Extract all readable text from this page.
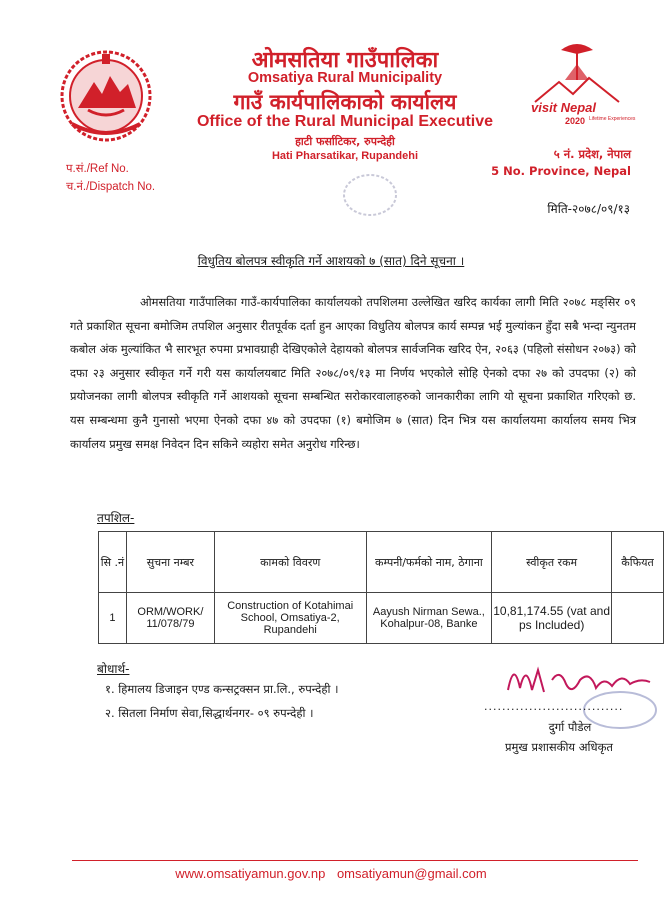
ओमसतिया गाउँपालिका
Omsatiya Rural Municipality
गाउँ कार्यपालिकाको कार्यालय
Office of the Rural Municipal Executive
हाटी फर्साटिकर, रुपन्देही
Hati Pharsatikar, Rupandehi
visit Nepal
2020 Lifetime Experiences
प.सं./Ref No.
च.नं./Dispatch No.
५ नं. प्रदेश, नेपाल
5 No. Province, Nepal
मिति-२०७८/०९/१३
विधुतिय बोलपत्र स्वीकृति गर्ने आशयको ७ (सात) दिने सूचना ।
ओमसतिया गाउँपालिका गाउँ-कार्यपालिका कार्यालयको तपशिलमा उल्लेखित खरिद कार्यका लागी मिति २०७८ मङ्सिर ०९ गते प्रकाशित सूचना बमोजिम तपशिल अनुसार रीतपूर्वक दर्ता हुन आएका विधुतिय बोलपत्र कार्य सम्पन्न भई मुल्यांकन हुँदा सबै भन्दा न्युनतम कबोल अंक मुल्यांकित भै सारभूत रुपमा प्रभावग्राही देखिएकोले देहायको बोलपत्र सार्वजनिक खरिद ऐन, २०६३ (पहिलो संसोधन २०७३) को दफा २३ अनुसार स्वीकृत गर्ने गरी यस कार्यालयबाट मिति २०७८/०९/१३ मा निर्णय भएकोले सोहि ऐनको दफा २७ को उपदफा (२) को प्रयोजनका लागी बोलपत्र स्वीकृति गर्ने आशयको सूचना सम्बन्धित सरोकारवालाहरुको जानकारीका लागि यो सूचना प्रकाशित गरिएको छ. यस सम्बन्धमा कुनै गुनासो भएमा ऐनको दफा ४७ को उपदफा (१) बमोजिम ७ (सात) दिन भित्र यस कार्यालयमा कार्यालय समय भित्र कार्यालय प्रमुख समक्ष निवेदन दिन सकिने व्यहोरा समेत अनुरोध गरिन्छ।
तपशिल-
सि .नं	सुचना नम्बर	कामको विवरण	कम्पनी/फर्मको नाम, ठेगाना	स्वीकृत रकम	कैफियत
1	ORM/WORK/ 11/078/79	Construction of Kotahimai School, Omsatiya-2, Rupandehi	Aayush Nirman Sewa., Kohalpur-08, Banke	10,81,174.55 (vat and ps Included)	
बोधार्थ-
१. हिमालय डिजाइन एण्ड कन्सट्रक्सन प्रा.लि., रुपन्देही ।
२. सितला निर्माण सेवा,सिद्धार्थनगर- ०९ रुपन्देही ।	...............................
दुर्गा पौडेल
प्रमुख प्रशासकीय अधिकृत
www.omsatiyamun.gov.np omsatiyamun@gmail.com
